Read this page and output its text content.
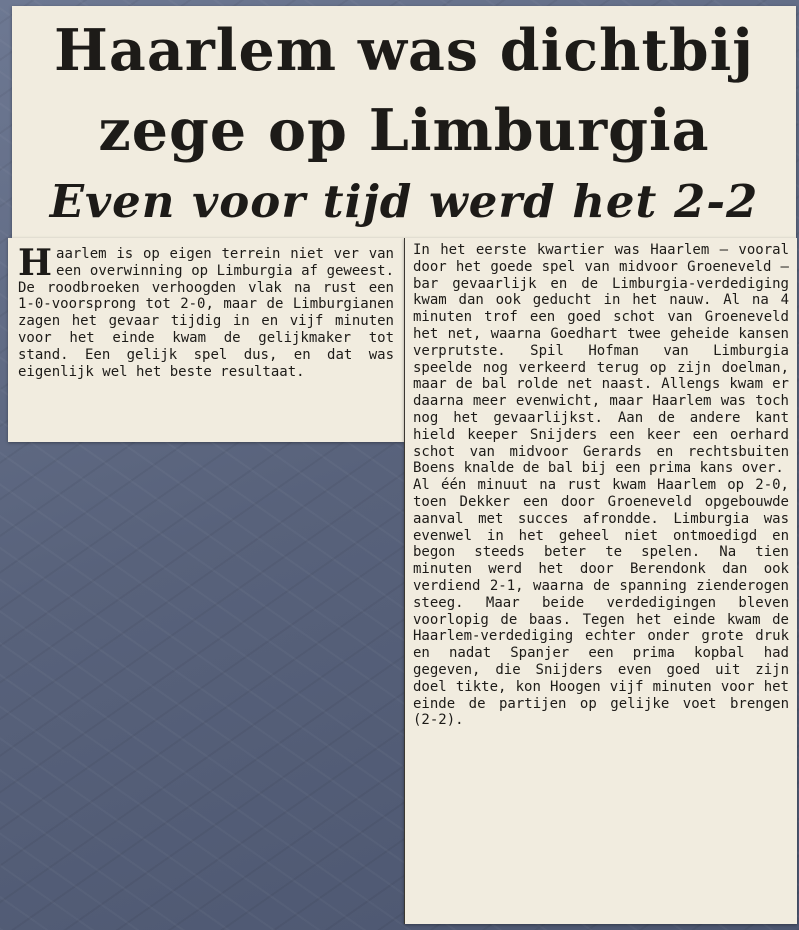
Haarlem was dichtbij
zege op Limburgia
Even voor tijd werd het 2-2
H aarlem is op eigen terrein niet ver van een overwinning op Limburgia af geweest. De roodbroeken verhoogden vlak na rust een 1-0-voorsprong tot 2-0, maar de Limburgianen zagen het gevaar tijdig in en vijf minuten voor het einde kwam de gelijkmaker tot stand. Een gelijk spel dus, en dat was eigenlijk wel het beste resultaat.

In het eerste kwartier was Haarlem — vooral door het goede spel van midvoor Groeneveld — bar gevaarlijk en de Limburgia-verdediging kwam dan ook geducht in het nauw. Al na 4 minuten trof een goed schot van Groeneveld het net, waarna Goedhart twee geheide kansen verprutste. Spil Hofman van Limburgia speelde nog verkeerd terug op zijn doelman, maar de bal rolde net naast. Allengs kwam er daarna meer evenwicht, maar Haarlem was toch nog het gevaarlijkst. Aan de andere kant hield keeper Snijders een keer een oerhard schot van midvoor Gerards en rechtsbuiten Boens knalde de bal bij een prima kans over.

Al één minuut na rust kwam Haarlem op 2-0, toen Dekker een door Groeneveld opgebouwde aanval met succes afrondde. Limburgia was evenwel in het geheel niet ontmoedigd en begon steeds beter te spelen. Na tien minuten werd het door Berendonk dan ook verdiend 2-1, waarna de spanning zienderogen steeg. Maar beide verdedigingen bleven voorlopig de baas. Tegen het einde kwam de Haarlem-verdediging echter onder grote druk en nadat Spanjer een prima kopbal had gegeven, die Snijders even goed uit zijn doel tikte, kon Hoogen vijf minuten voor het einde de partijen op gelijke voet brengen (2-2).
